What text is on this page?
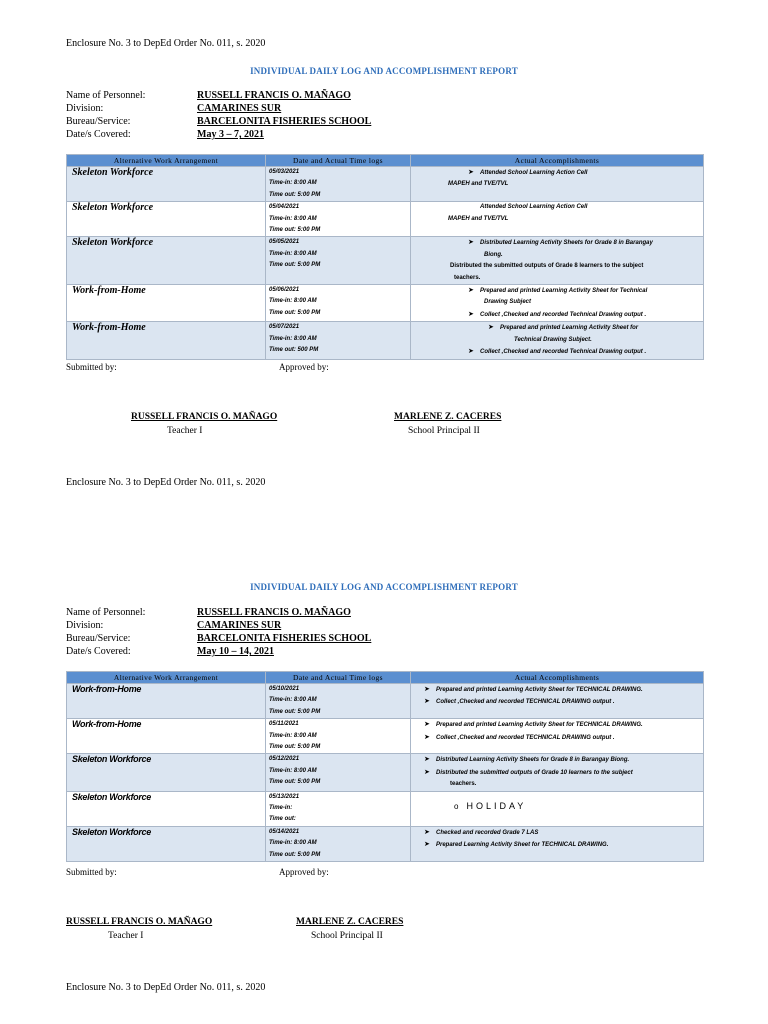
Enclosure No. 3 to DepEd Order No. 011, s. 2020
INDIVIDUAL DAILY LOG AND ACCOMPLISHMENT REPORT
Name of Personnel:	RUSSELL FRANCIS O. MAÑAGO
Division:	CAMARINES SUR
Bureau/Service:	BARCELONITA FISHERIES SCHOOL
Date/s Covered:	May 3 – 7, 2021
Alternative Work Arrangement	Date and Actual Time logs	Actual Accomplishments

Skeleton Workforce	05/03/2021
Time-in: 8:00 AM
Time out: 5:00 PM	➤ Attended School Learning Action Cell
MAPEH and TVE/TVL

Skeleton Workforce	05/04/2021
Time-in: 8:00 AM
Time out: 5:00 PM	Attended School Learning Action Cell
MAPEH and TVE/TVL

Skeleton Workforce	05/05/2021
Time-in: 8:00 AM
Time out: 5:00 PM	➤ Distributed Learning Activity Sheets for Grade 8 in Barangay
Biong.
Distributed the submitted outputs of Grade 8 learners to the subject
teachers.

Work-from-Home	05/06/2021
Time-in: 8:00 AM
Time out: 5:00 PM	➤ Prepared and printed Learning Activity Sheet for Technical
Drawing Subject
➤ Collect ,Checked and recorded Technical Drawing output .

Work-from-Home	05/07/2021
Time-in: 8:00 AM
Time out: 500 PM	➤ Prepared and printed Learning Activity Sheet for
Technical Drawing Subject.
➤ Collect ,Checked and recorded Technical Drawing output .
Submitted by:	Approved by:
RUSSELL FRANCIS O. MAÑAGO
Teacher I
MARLENE Z. CACERES
School Principal II
Enclosure No. 3 to DepEd Order No. 011, s. 2020
INDIVIDUAL DAILY LOG AND ACCOMPLISHMENT REPORT
Name of Personnel:	RUSSELL FRANCIS O. MAÑAGO
Division:	CAMARINES SUR
Bureau/Service:	BARCELONITA FISHERIES SCHOOL
Date/s Covered:	May 10 – 14, 2021
Alternative Work Arrangement	Date and Actual Time logs	Actual Accomplishments

Work-from-Home	05/10/2021
Time-in: 8:00 AM
Time out: 5:00 PM	➤ Prepared and printed Learning Activity Sheet for TECHNICAL DRAWING.
➤ Collect ,Checked and recorded TECHNICAL DRAWING output .

Work-from-Home	05/11/2021
Time-in: 8:00 AM
Time out: 5:00 PM	➤ Prepared and printed Learning Activity Sheet for TECHNICAL DRAWING.
➤ Collect ,Checked and recorded TECHNICAL DRAWING output .

Skeleton Workforce	05/12/2021
Time-in: 8:00 AM
Time out: 5:00 PM	➤ Distributed Learning Activity Sheets for Grade 8 in Barangay Biong.
➤ Distributed the submitted outputs of Grade 10 learners to the subject
teachers.

Skeleton Workforce	05/13/2021
Time-in:
Time out:	o HOLIDAY

Skeleton Workforce	05/14/2021
Time-in: 8:00 AM
Time out: 5:00 PM	➤ Checked and recorded Grade 7 LAS
➤ Prepared Learning Activity Sheet for TECHNICAL DRAWING.
Submitted by:	Approved by:
RUSSELL FRANCIS O. MAÑAGO
Teacher I
MARLENE Z. CACERES
School Principal II
Enclosure No. 3 to DepEd Order No. 011, s. 2020
